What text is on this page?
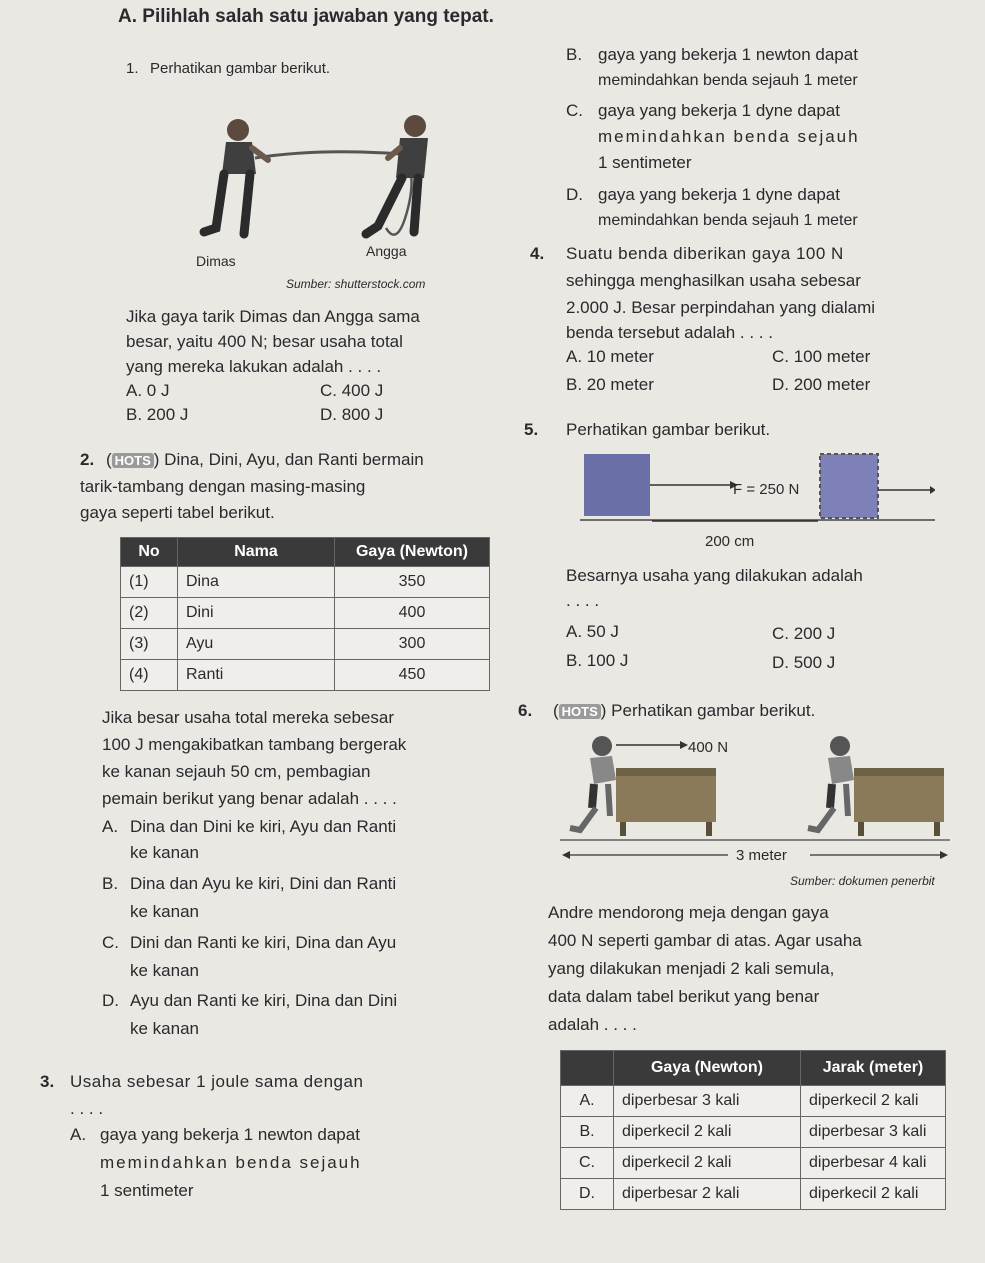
A. Pilihlah salah satu jawaban yang tepat.
1. Perhatikan gambar berikut.
Dimas
Angga
Sumber: shutterstock.com
Jika gaya tarik Dimas dan Angga sama
besar, yaitu 400 N; besar usaha total
yang mereka lakukan adalah . . . .
A. 0 J
B. 200 J
C. 400 J
D. 800 J
2. ( HOTS ) Dina, Dini, Ayu, dan Ranti bermain
tarik-tambang dengan masing-masing
gaya seperti tabel berikut.
No	Nama	Gaya (Newton)
(1)	Dina	350
(2)	Dini	400
(3)	Ayu	300
(4)	Ranti	450
Jika besar usaha total mereka sebesar
100 J mengakibatkan tambang bergerak
ke kanan sejauh 50 cm, pembagian
pemain berikut yang benar adalah . . . .
A. Dina dan Dini ke kiri, Ayu dan Ranti
ke kanan
B. Dina dan Ayu ke kiri, Dini dan Ranti
ke kanan
C. Dini dan Ranti ke kiri, Dina dan Ayu
ke kanan
D. Ayu dan Ranti ke kiri, Dina dan Dini
ke kanan
3. Usaha sebesar 1 joule sama dengan
. . . .
A. gaya yang bekerja 1 newton dapat
memindahkan benda sejauh
1 sentimeter
B. gaya yang bekerja 1 newton dapat
memindahkan benda sejauh 1 meter
C. gaya yang bekerja 1 dyne dapat
memindahkan benda sejauh
1 sentimeter
D. gaya yang bekerja 1 dyne dapat
memindahkan benda sejauh 1 meter
4. Suatu benda diberikan gaya 100 N
sehingga menghasilkan usaha sebesar
2.000 J. Besar perpindahan yang dialami
benda tersebut adalah . . . .
A. 10 meter
B. 20 meter
C. 100 meter
D. 200 meter
5. Perhatikan gambar berikut.
F = 250 N
200 cm
Besarnya usaha yang dilakukan adalah
. . . .
A. 50 J
B. 100 J
C. 200 J
D. 500 J
6. ( HOTS ) Perhatikan gambar berikut.
400 N
3 meter
Sumber: dokumen penerbit
Andre mendorong meja dengan gaya
400 N seperti gambar di atas. Agar usaha
yang dilakukan menjadi 2 kali semula,
data dalam tabel berikut yang benar
adalah . . . .
	Gaya (Newton)	Jarak (meter)
A.	diperbesar 3 kali	diperkecil 2 kali
B.	diperkecil 2 kali	diperbesar 3 kali
C.	diperkecil 2 kali	diperbesar 4 kali
D.	diperbesar 2 kali	diperkecil 2 kali
